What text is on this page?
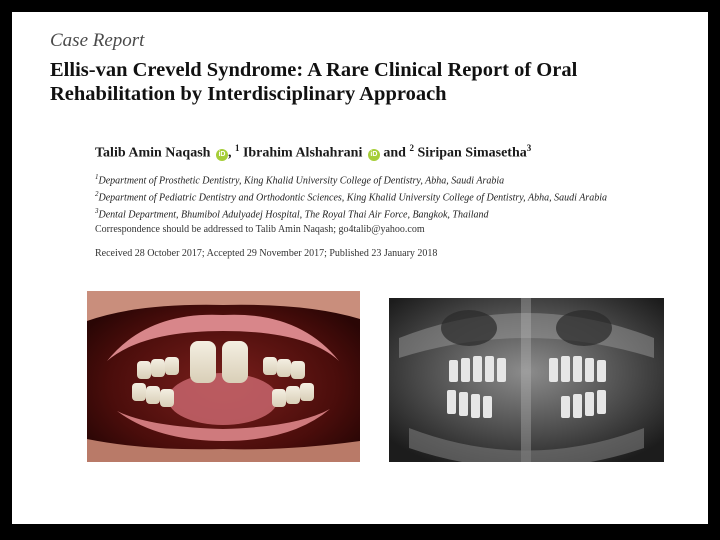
Case Report
Ellis-van Creveld Syndrome: A Rare Clinical Report of Oral Rehabilitation by Interdisciplinary Approach
Talib Amin Naqash iD , $^1$ Ibrahim Alshahrani iD and $^2$ Siripan Simasetha$^3$
$^1$Department of Prosthetic Dentistry, King Khalid University College of Dentistry, Abha, Saudi Arabia
$^2$Department of Pediatric Dentistry and Orthodontic Sciences, King Khalid University College of Dentistry, Abha, Saudi Arabia
$^3$Dental Department, Bhumibol Adulyadej Hospital, The Royal Thai Air Force, Bangkok, Thailand
Correspondence should be addressed to Talib Amin Naqash; go4talib@yahoo.com
Received 28 October 2017; Accepted 29 November 2017; Published 23 January 2018
